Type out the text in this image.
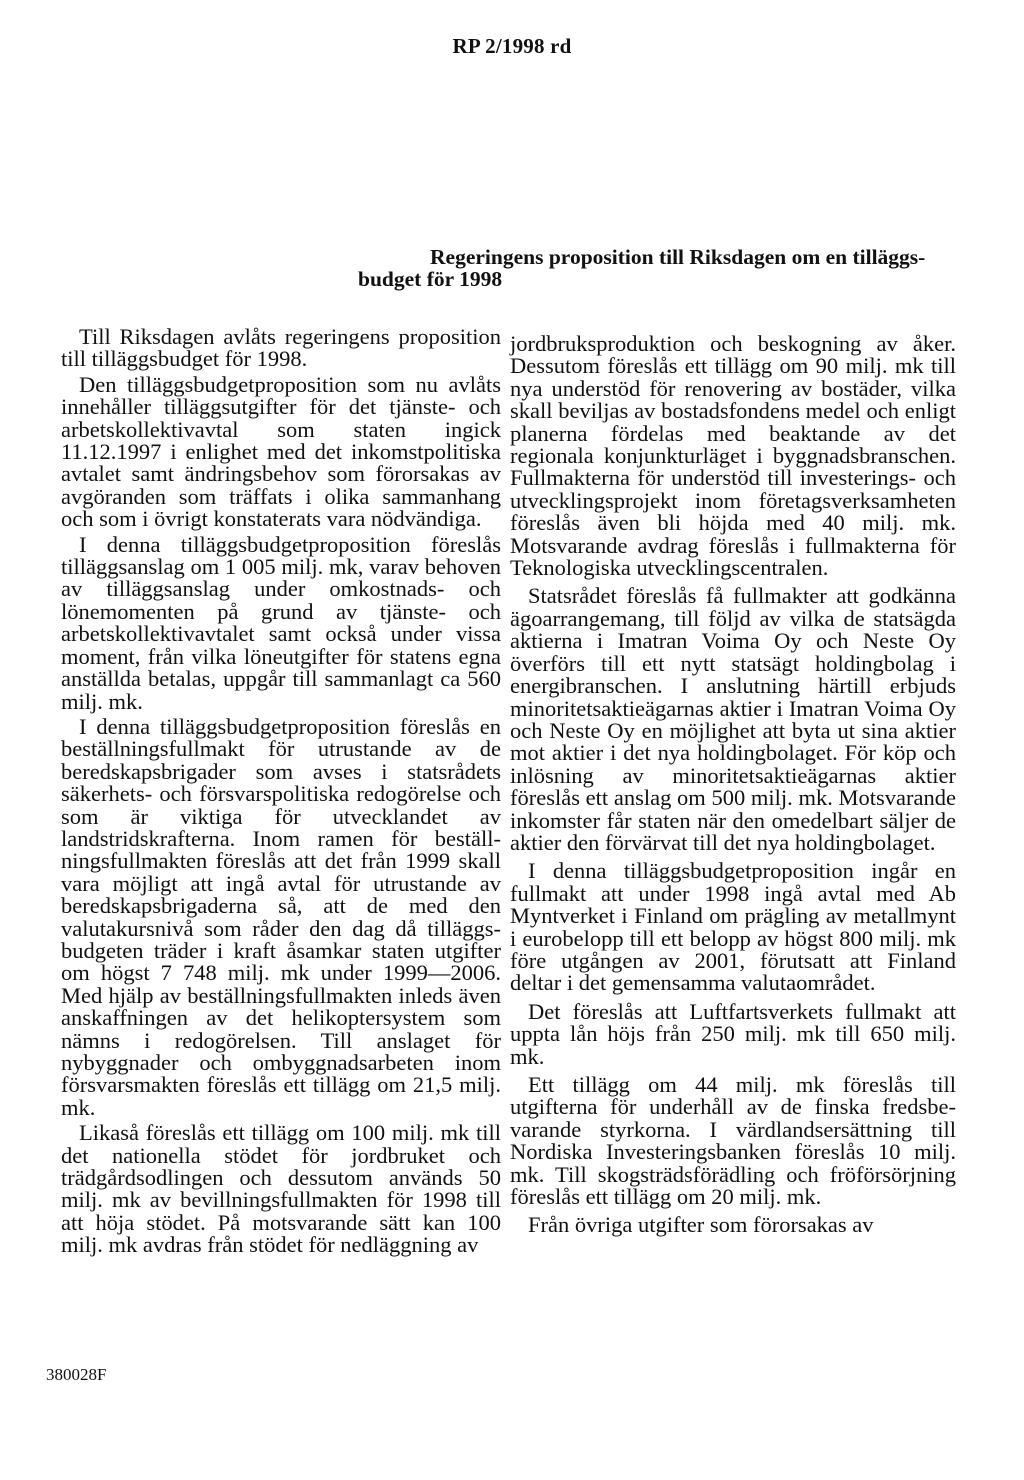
RP 2/1998 rd
Regeringens proposition till Riksdagen om en tilläggs-
budget för 1998

Till Riksdagen avlåts regeringens proposition till tilläggsbudget för 1998.

Den tilläggsbudgetproposition som nu avlåts innehåller tilläggsutgifter för det tjänste- och arbetskollektivavtal som staten ingick 11.12.1997 i enlighet med det inkomstpolitiska avtalet samt ändringsbehov som förorsakas av avgöranden som träffats i olika sammanhang och som i övrigt konstaterats vara nödvändiga.

I denna tilläggsbudgetproposition föreslås tilläggsanslag om 1 005 milj. mk, varav behoven av tilläggsanslag under omkostnads- och lönemomenten på grund av tjänste- och arbetskollektivavtalet samt också under vissa moment, från vilka löneutgifter för statens egna anställda betalas, uppgår till sammanlagt ca 560 milj. mk.

I denna tilläggsbudgetproposition föreslås en beställningsfullmakt för utrustande av de beredskapsbrigader som avses i statsrådets säkerhets- och försvarspolitiska redogörelse och som är viktiga för utvecklandet av landstridskrafterna. Inom ramen för beställningsfullmakten föreslås att det från 1999 skall vara möjligt att ingå avtal för utrustande av beredskapsbrigaderna så, att de med den valutakursnivå som råder den dag då tilläggsbudgeten träder i kraft åsamkar staten utgifter om högst 7 748 milj. mk under 1999—2006. Med hjälp av beställningsfullmakten inleds även anskaffningen av det helikoptersystem som nämns i redogörelsen. Till anslaget för nybyggnader och ombyggnadsarbeten inom försvarsmakten föreslås ett tillägg om 21,5 milj. mk.

Likaså föreslås ett tillägg om 100 milj. mk till det nationella stödet för jordbruket och trädgårdsodlingen och dessutom används 50 milj. mk av bevillningsfullmakten för 1998 till att höja stödet. På motsvarande sätt kan 100 milj. mk avdras från stödet för nedläggning av

jordbruksproduktion och beskogning av åker. Dessutom föreslås ett tillägg om 90 milj. mk till nya understöd för renovering av bostäder, vilka skall beviljas av bostadsfondens medel och enligt planerna fördelas med beaktande av det regionala konjunkturläget i byggnadsbranschen. Fullmakterna för understöd till investerings- och utvecklingsprojekt inom företagsverksamheten föreslås även bli höjda med 40 milj. mk. Motsvarande avdrag föreslås i fullmakterna för Teknologiska utvecklingscentralen.

Statsrådet föreslås få fullmakter att godkänna ägoarrangemang, till följd av vilka de statsägda aktierna i Imatran Voima Oy och Neste Oy överförs till ett nytt statsägt holdingbolag i energibranschen. I anslutning härtill erbjuds minoritetsaktieägarnas aktier i Imatran Voima Oy och Neste Oy en möjlighet att byta ut sina aktier mot aktier i det nya holdingbolaget. För köp och inlösning av minoritetsaktieägarnas aktier föreslås ett anslag om 500 milj. mk. Motsvarande inkomster får staten när den omedelbart säljer de aktier den förvärvat till det nya holdingbolaget.

I denna tilläggsbudgetproposition ingår en fullmakt att under 1998 ingå avtal med Ab Myntverket i Finland om prägling av metallmynt i eurobelopp till ett belopp av högst 800 milj. mk före utgången av 2001, förutsatt att Finland deltar i det gemensamma valutaområdet.

Det föreslås att Luftfartsverkets fullmakt att uppta lån höjs från 250 milj. mk till 650 milj. mk.

Ett tillägg om 44 milj. mk föreslås till utgifterna för underhåll av de finska fredsbevarande styrkorna. I värdlandsersättning till Nordiska Investeringsbanken föreslås 10 milj. mk. Till skogsträdsförädling och fröförsörjning föreslås ett tillägg om 20 milj. mk.

Från övriga utgifter som förorsakas av

380028F
